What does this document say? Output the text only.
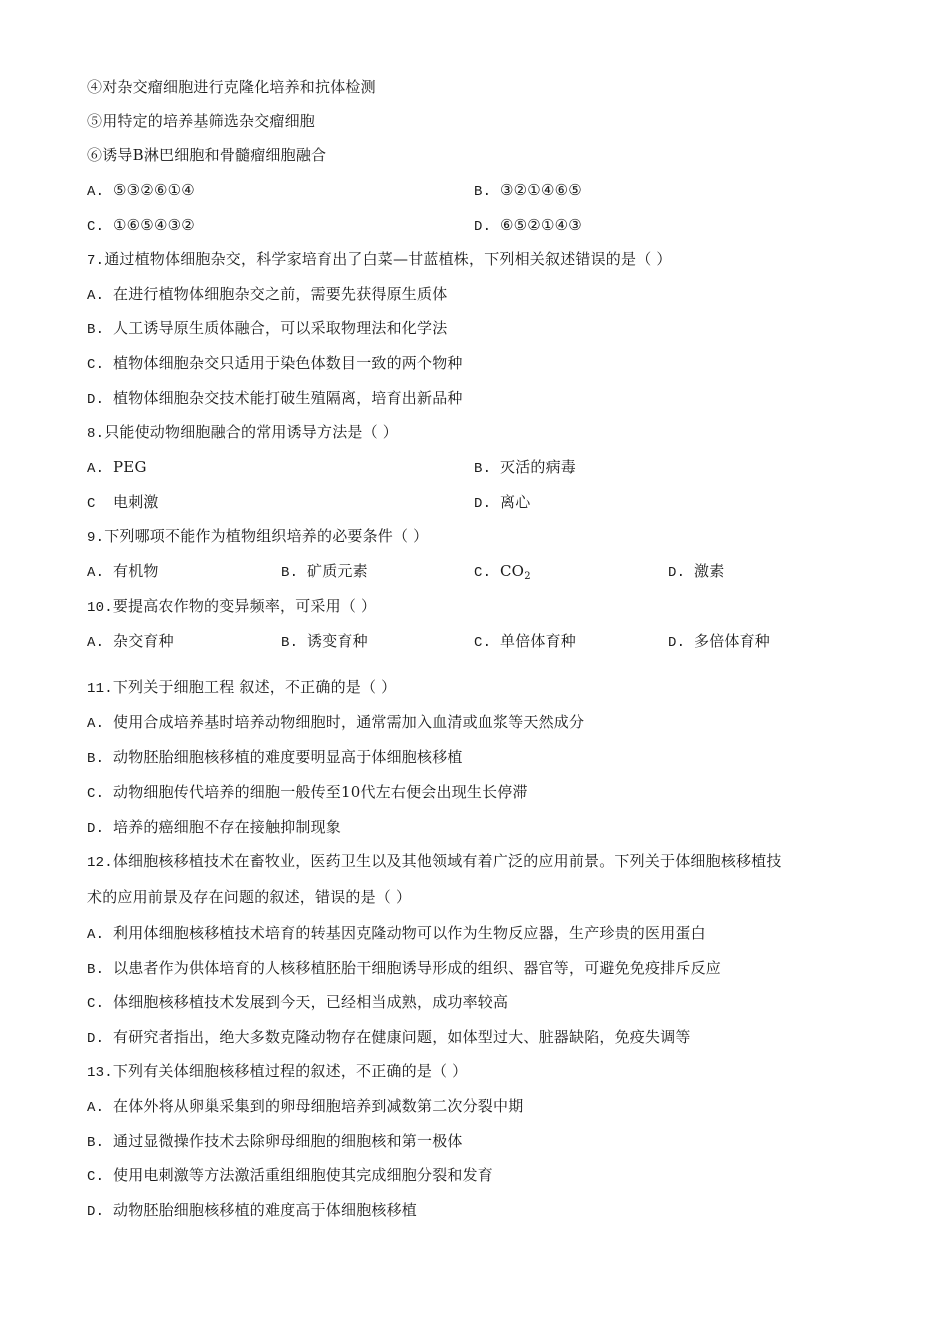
④对杂交瘤细胞进行克隆化培养和抗体检测
⑤用特定的培养基筛选杂交瘤细胞
⑥诱导B淋巴细胞和骨髓瘤细胞融合
A. ⑤③②⑥①④	B. ③②①④⑥⑤
C. ①⑥⑤④③②	D. ⑥⑤②①④③
7.通过植物体细胞杂交，科学家培育出了白菜—甘蓝植株，下列相关叙述错误的是（ ）
A. 在进行植物体细胞杂交之前，需要先获得原生质体
B. 人工诱导原生质体融合，可以采取物理法和化学法
C. 植物体细胞杂交只适用于染色体数目一致的两个物种
D. 植物体细胞杂交技术能打破生殖隔离，培育出新品种
8.只能使动物细胞融合的常用诱导方法是（ ）
A. PEG	B. 灭活的病毒
C 电刺激	D. 离心
9.下列哪项不能作为植物组织培养的必要条件（ ）
A. 有机物	B. 矿质元素	C. $CO_2$	D. 激素
10.要提高农作物的变异频率，可采用（ ）
A. 杂交育种	B. 诱变育种	C. 单倍体育种	D. 多倍体育种
11.下列关于细胞工程 叙述，不正确的是（ ）
A. 使用合成培养基时培养动物细胞时，通常需加入血清或血浆等天然成分
B. 动物胚胎细胞核移植的难度要明显高于体细胞核移植
C. 动物细胞传代培养的细胞一般传至10代左右便会出现生长停滞
D. 培养的癌细胞不存在接触抑制现象
12.体细胞核移植技术在畜牧业，医药卫生以及其他领域有着广泛的应用前景。下列关于体细胞核移植技
术的应用前景及存在问题的叙述，错误的是（ ）
A. 利用体细胞核移植技术培育的转基因克隆动物可以作为生物反应器，生产珍贵的医用蛋白
B. 以患者作为供体培育的人核移植胚胎干细胞诱导形成的组织、器官等，可避免免疫排斥反应
C. 体细胞核移植技术发展到今天，已经相当成熟，成功率较高
D. 有研究者指出，绝大多数克隆动物存在健康问题，如体型过大、脏器缺陷，免疫失调等
13.下列有关体细胞核移植过程的叙述，不正确的是（ ）
A. 在体外将从卵巢采集到的卵母细胞培养到减数第二次分裂中期
B. 通过显微操作技术去除卵母细胞的细胞核和第一极体
C. 使用电刺激等方法激活重组细胞使其完成细胞分裂和发育
D. 动物胚胎细胞核移植的难度高于体细胞核移植
